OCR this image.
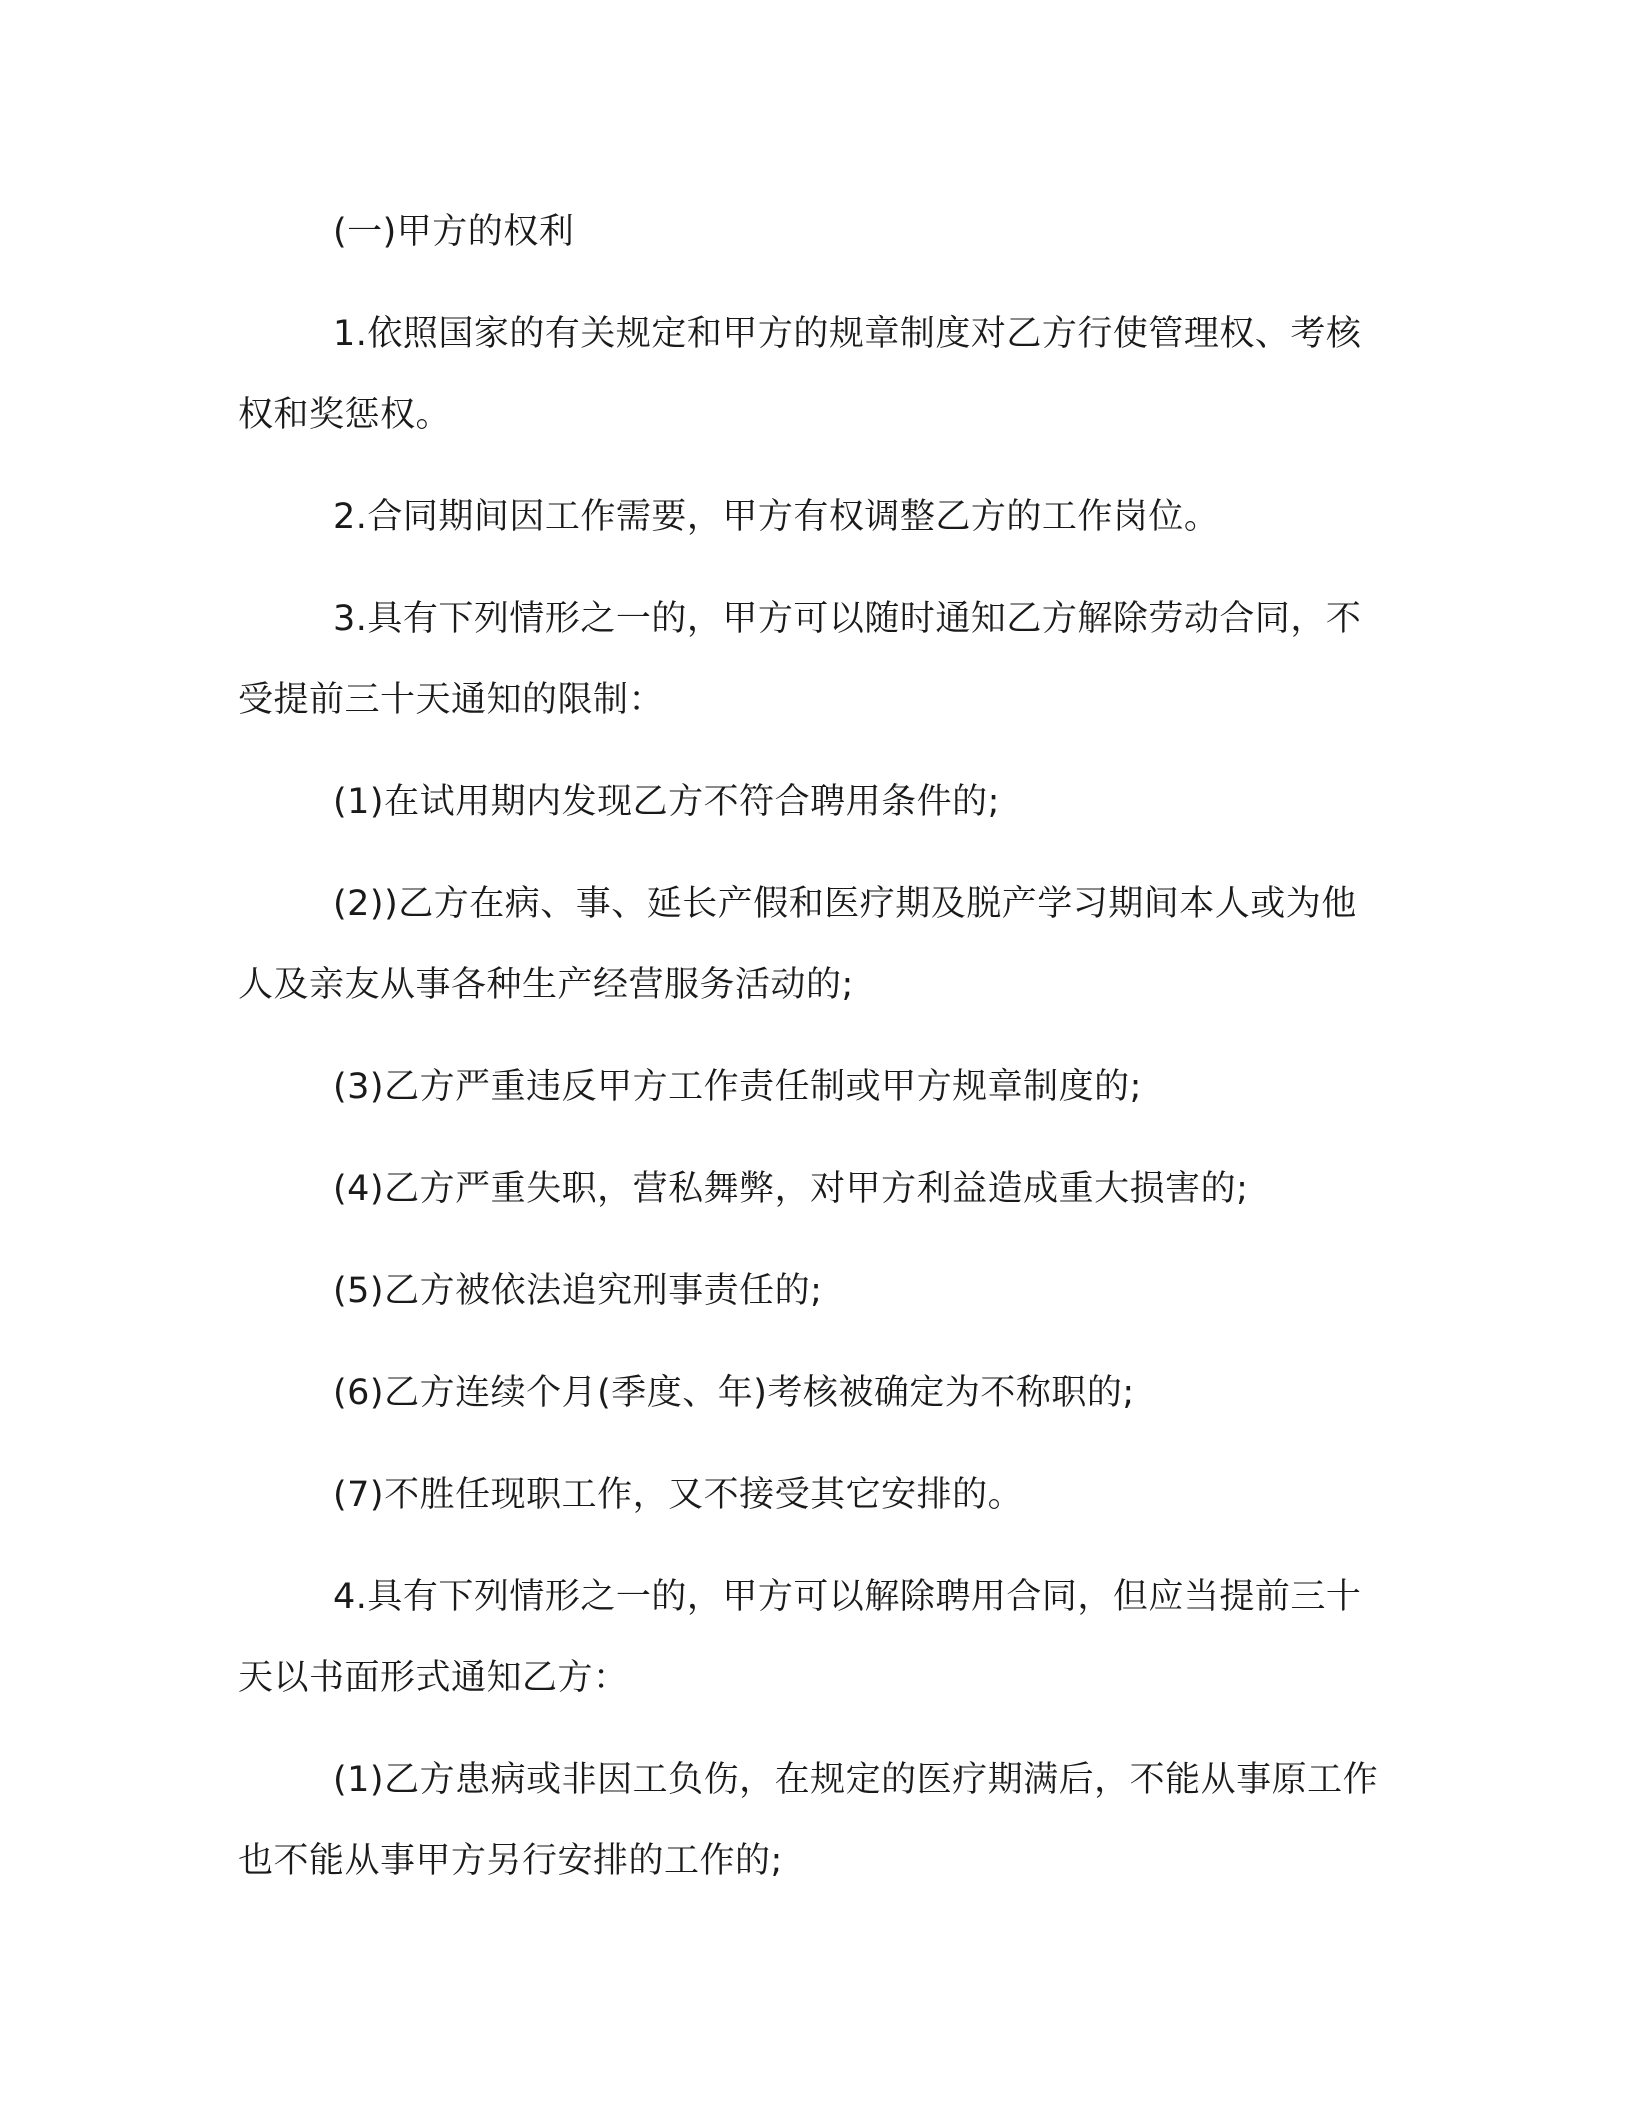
(一)甲方的权利

1.依照国家的有关规定和甲方的规章制度对乙方行使管理权、考核权和奖惩权。

2.合同期间因工作需要，甲方有权调整乙方的工作岗位。

3.具有下列情形之一的，甲方可以随时通知乙方解除劳动合同，不受提前三十天通知的限制：

(1)在试用期内发现乙方不符合聘用条件的;

(2))乙方在病、事、延长产假和医疗期及脱产学习期间本人或为他人及亲友从事各种生产经营服务活动的;

(3)乙方严重违反甲方工作责任制或甲方规章制度的;

(4)乙方严重失职，营私舞弊，对甲方利益造成重大损害的;

(5)乙方被依法追究刑事责任的;

(6)乙方连续个月(季度、年)考核被确定为不称职的;

(7)不胜任现职工作，又不接受其它安排的。

4.具有下列情形之一的，甲方可以解除聘用合同，但应当提前三十天以书面形式通知乙方：

(1)乙方患病或非因工负伤，在规定的医疗期满后，不能从事原工作也不能从事甲方另行安排的工作的;
